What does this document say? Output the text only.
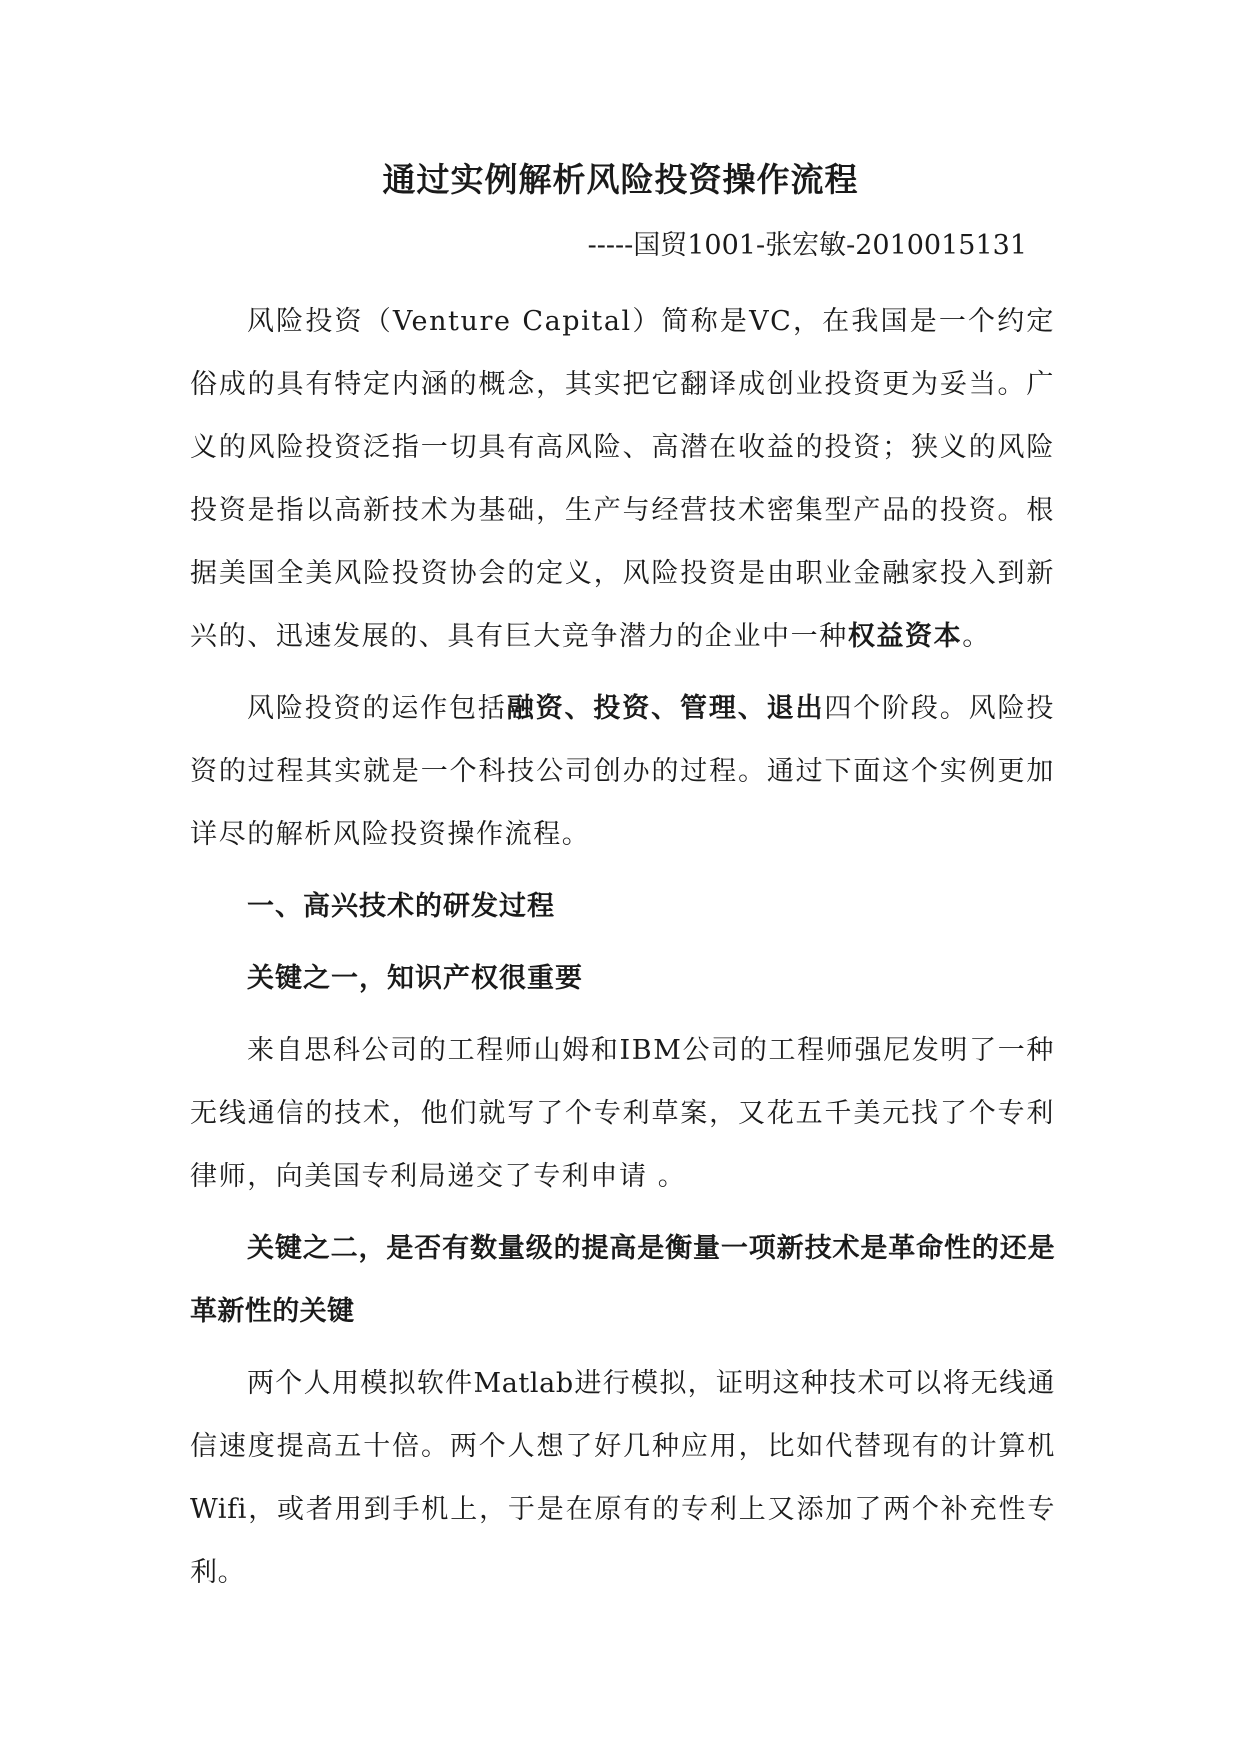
通过实例解析风险投资操作流程

-----国贸1001-张宏敏-2010015131

风险投资（Venture Capital）简称是VC，在我国是一个约定俗成的具有特定内涵的概念，其实把它翻译成创业投资更为妥当。广义的风险投资泛指一切具有高风险、高潜在收益的投资；狭义的风险投资是指以高新技术为基础，生产与经营技术密集型产品的投资。根据美国全美风险投资协会的定义，风险投资是由职业金融家投入到新兴的、迅速发展的、具有巨大竞争潜力的企业中一种权益资本。

风险投资的运作包括融资、投资、管理、退出四个阶段。风险投资的过程其实就是一个科技公司创办的过程。通过下面这个实例更加详尽的解析风险投资操作流程。

一、高兴技术的研发过程

关键之一，知识产权很重要

来自思科公司的工程师山姆和IBM公司的工程师强尼发明了一种无线通信的技术，他们就写了个专利草案，又花五千美元找了个专利律师，向美国专利局递交了专利申请 。

关键之二，是否有数量级的提高是衡量一项新技术是革命性的还是革新性的关键

两个人用模拟软件Matlab进行模拟，证明这种技术可以将无线通信速度提高五十倍。两个人想了好几种应用，比如代替现有的计算机Wifi，或者用到手机上，于是在原有的专利上又添加了两个补充性专利。
